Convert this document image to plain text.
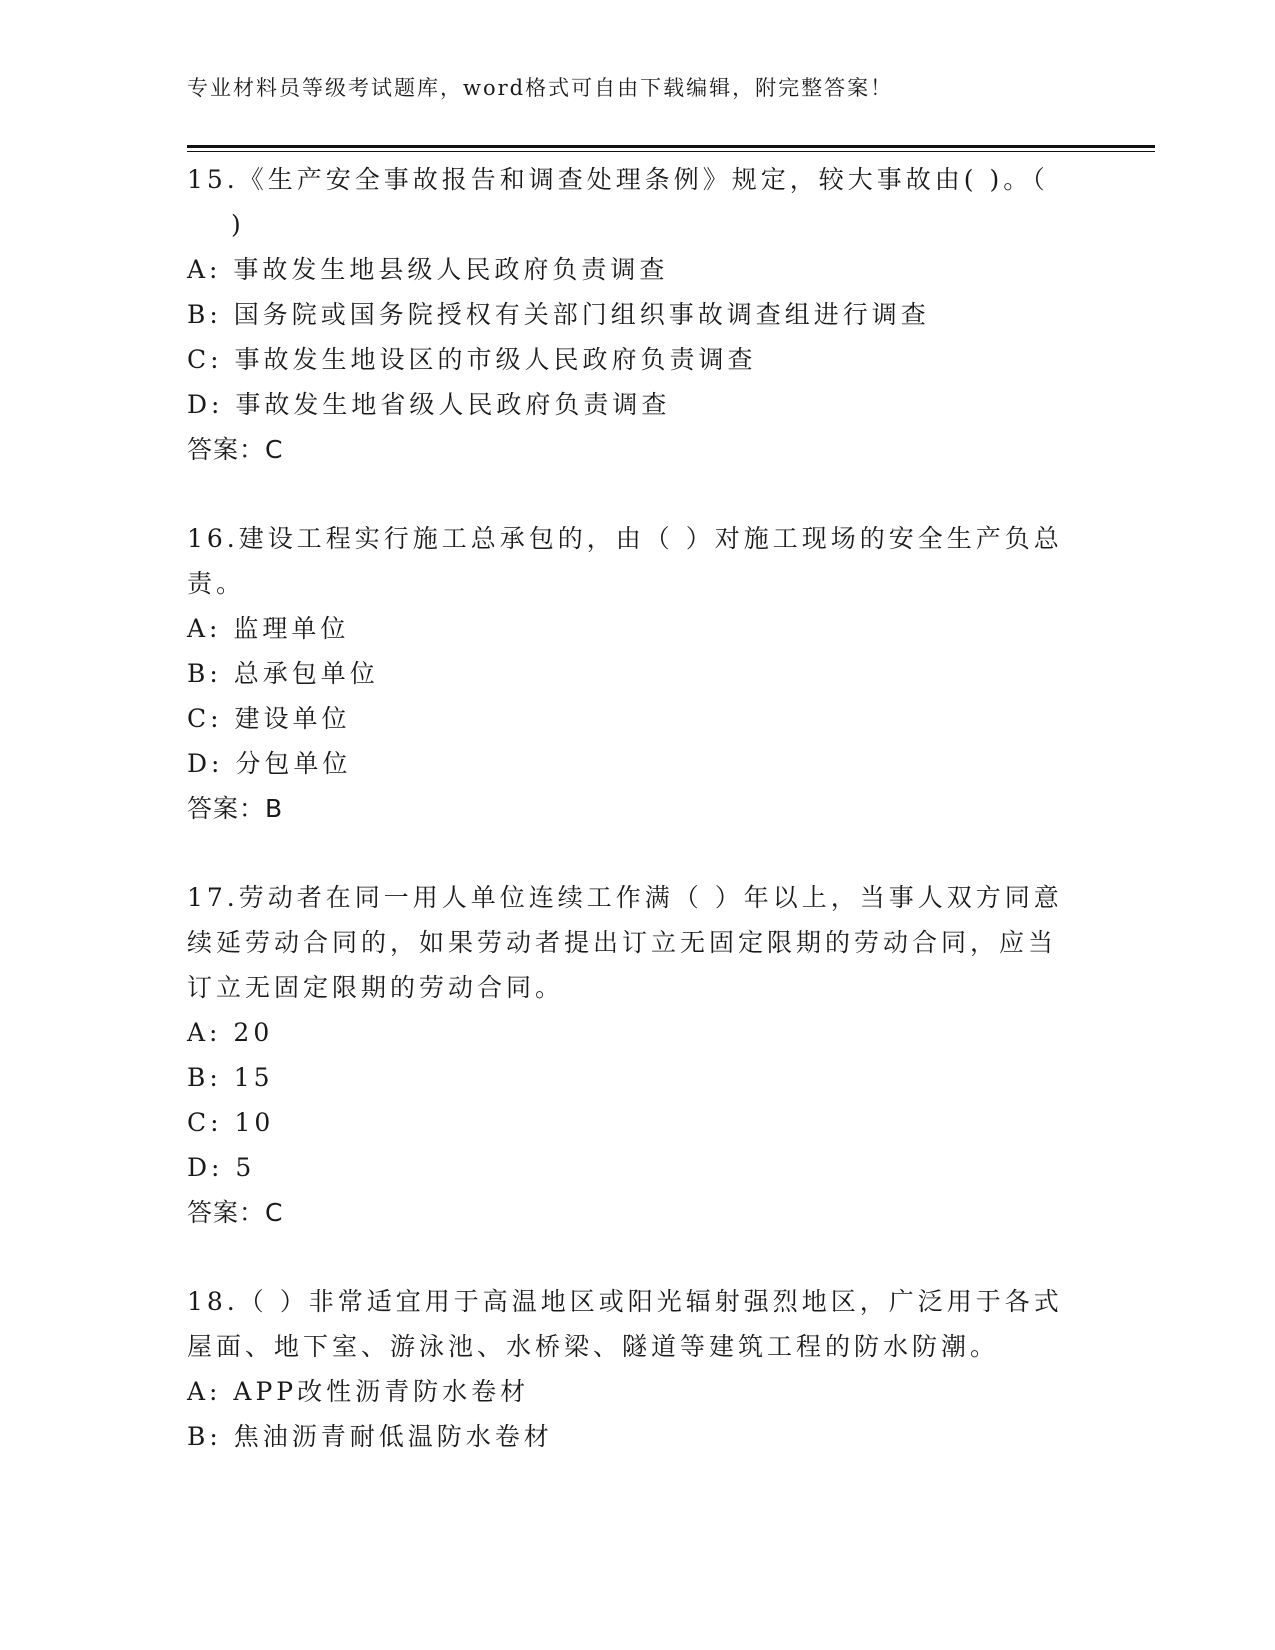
专业材料员等级考试题库，word格式可自由下载编辑，附完整答案！
15.《生产安全事故报告和调查处理条例》规定，较大事故由( )。（
)
A: 事故发生地县级人民政府负责调查
B: 国务院或国务院授权有关部门组织事故调查组进行调查
C: 事故发生地设区的市级人民政府负责调查
D: 事故发生地省级人民政府负责调查
答案：C
16.建设工程实行施工总承包的，由（ ）对施工现场的安全生产负总
责。
A: 监理单位
B: 总承包单位
C: 建设单位
D: 分包单位
答案：B
17.劳动者在同一用人单位连续工作满（ ）年以上，当事人双方同意
续延劳动合同的，如果劳动者提出订立无固定限期的劳动合同，应当
订立无固定限期的劳动合同。
A: 20
B: 15
C: 10
D: 5
答案：C
18.（ ）非常适宜用于高温地区或阳光辐射强烈地区，广泛用于各式
屋面、地下室、游泳池、水桥梁、隧道等建筑工程的防水防潮。
A: APP改性沥青防水卷材
B: 焦油沥青耐低温防水卷材
